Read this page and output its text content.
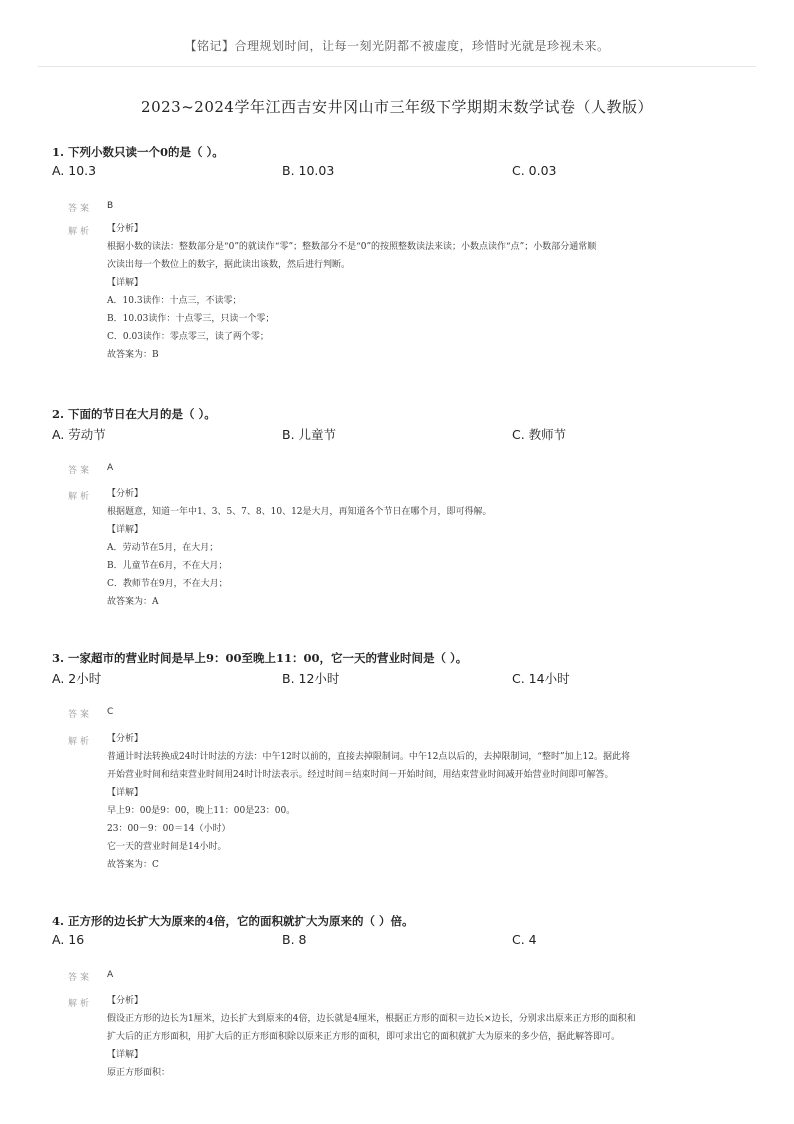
【铭记】合理规划时间，让每一刻光阴都不被虚度，珍惜时光就是珍视未来。
2023~2024学年江西吉安井冈山市三年级下学期期末数学试卷（人教版）
1. 下列小数只读一个0的是（ ）。
A. 10.3	B. 10.03	C. 0.03
答案 B
解析 【分析】
根据小数的读法：整数部分是“0”的就读作“零”；整数部分不是“0”的按照整数读法来读；小数点读作“点”；小数部分通常顺
次读出每一个数位上的数字，据此读出该数，然后进行判断。
【详解】
A．10.3读作：十点三，不读零；
B．10.03读作：十点零三，只读一个零；
C．0.03读作：零点零三，读了两个零；
故答案为：B
2. 下面的节日在大月的是（ ）。
A. 劳动节	B. 儿童节	C. 教师节
答案 A
解析 【分析】
根据题意，知道一年中1、3、5、7、8、10、12是大月，再知道各个节日在哪个月，即可得解。
【详解】
A．劳动节在5月，在大月；
B．儿童节在6月，不在大月；
C．教师节在9月，不在大月；
故答案为：A
3. 一家超市的营业时间是早上9：00至晚上11：00，它一天的营业时间是（ ）。
A. 2小时	B. 12小时	C. 14小时
答案 C
解析 【分析】
普通计时法转换成24时计时法的方法：中午12时以前的，直接去掉限制词。中午12点以后的，去掉限制词，“整时”加上12。据此将
开始营业时间和结束营业时间用24时计时法表示。经过时间＝结束时间－开始时间，用结束营业时间减开始营业时间即可解答。
【详解】
早上9：00是9：00，晚上11：00是23：00。
23：00－9：00＝14（小时）
它一天的营业时间是14小时。
故答案为：C
4. 正方形的边长扩大为原来的4倍，它的面积就扩大为原来的（ ）倍。
A. 16	B. 8	C. 4
答案 A
解析 【分析】
假设正方形的边长为1厘米，边长扩大到原来的4倍，边长就是4厘米，根据正方形的面积＝边长×边长，分别求出原来正方形的面积和
扩大后的正方形面积，用扩大后的正方形面积除以原来正方形的面积，即可求出它的面积就扩大为原来的多少倍，据此解答即可。
【详解】
原正方形面积：
